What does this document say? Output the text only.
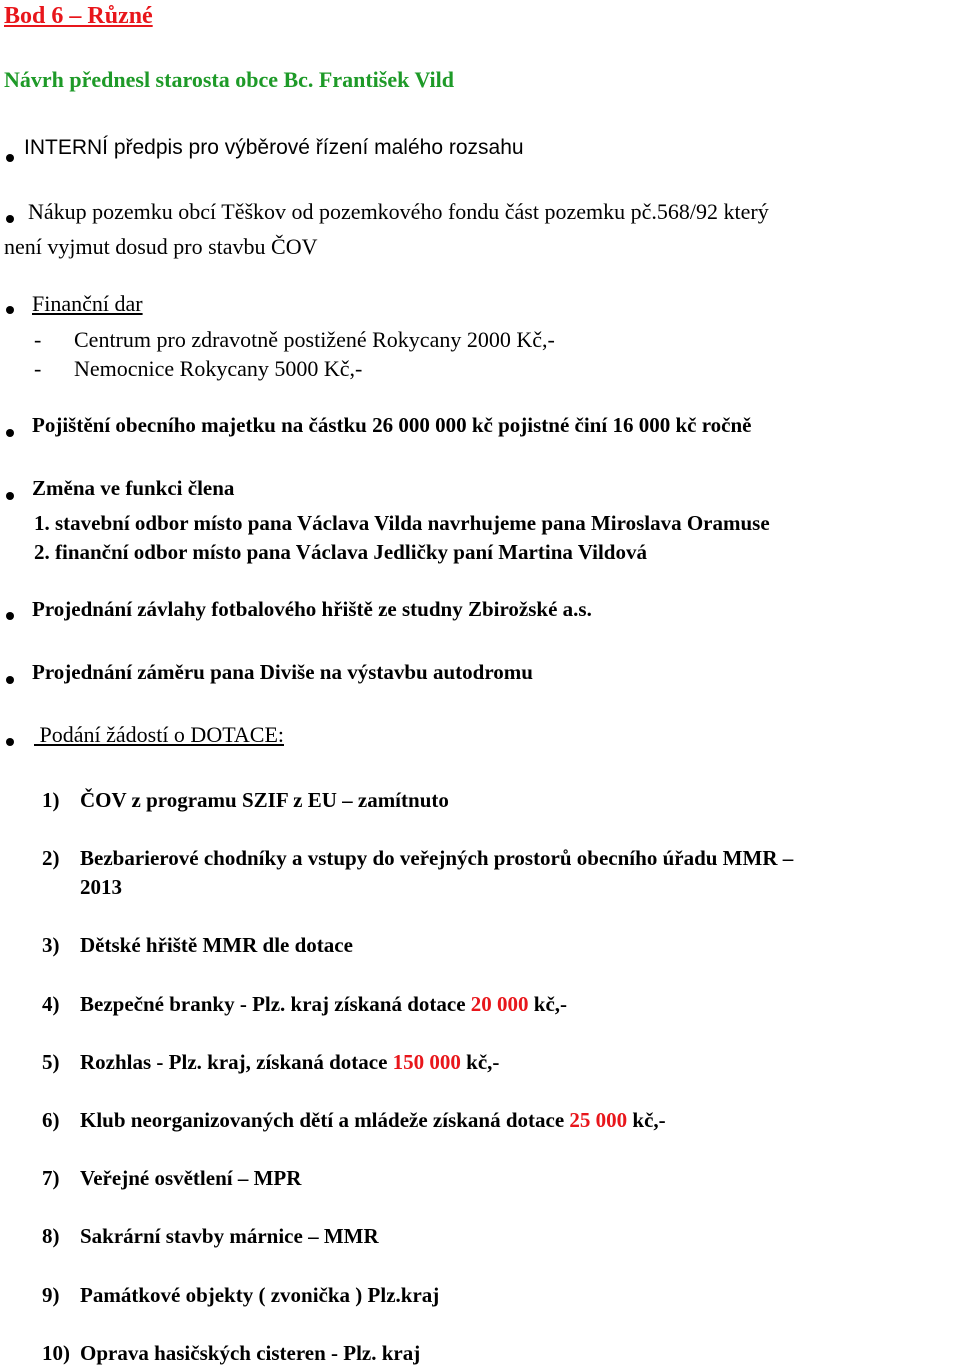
Bod 6 – Různé
Návrh přednesl starosta obce Bc. František Vild
INTERNÍ předpis pro výběrové řízení malého rozsahu
Nákup pozemku obcí Těškov od pozemkového fondu část pozemku pč.568/92 který
není vyjmut dosud pro stavbu ČOV
Finanční dar
- Centrum pro zdravotně postižené Rokycany 2000 Kč,-
- Nemocnice Rokycany 5000 Kč,-
Pojištění obecního majetku na částku 26 000 000 kč pojistné činí 16 000 kč ročně
Změna ve funkci člena
1. stavební odbor místo pana Václava Vilda navrhujeme pana Miroslava Oramuse
2. finanční odbor místo pana Václava Jedličky paní Martina Vildová
Projednání závlahy fotbalového hřiště ze studny Zbirožské a.s.
Projednání záměru pana Diviše na výstavbu autodromu
Podání žádostí o DOTACE:
1) ČOV z programu SZIF z EU – zamítnuto
2) Bezbarierové chodníky a vstupy do veřejných prostorů obecního úřadu MMR –
2013
3) Dětské hřiště MMR dle dotace
4) Bezpečné branky - Plz. kraj získaná dotace 20 000 kč,-
5) Rozhlas - Plz. kraj, získaná dotace 150 000 kč,-
6) Klub neorganizovaných dětí a mládeže získaná dotace 25 000 kč,-
7) Veřejné osvětlení – MPR
8) Sakrární stavby márnice – MMR
9) Památkové objekty ( zvonička ) Plz.kraj
10) Oprava hasičských cisteren - Plz. kraj
